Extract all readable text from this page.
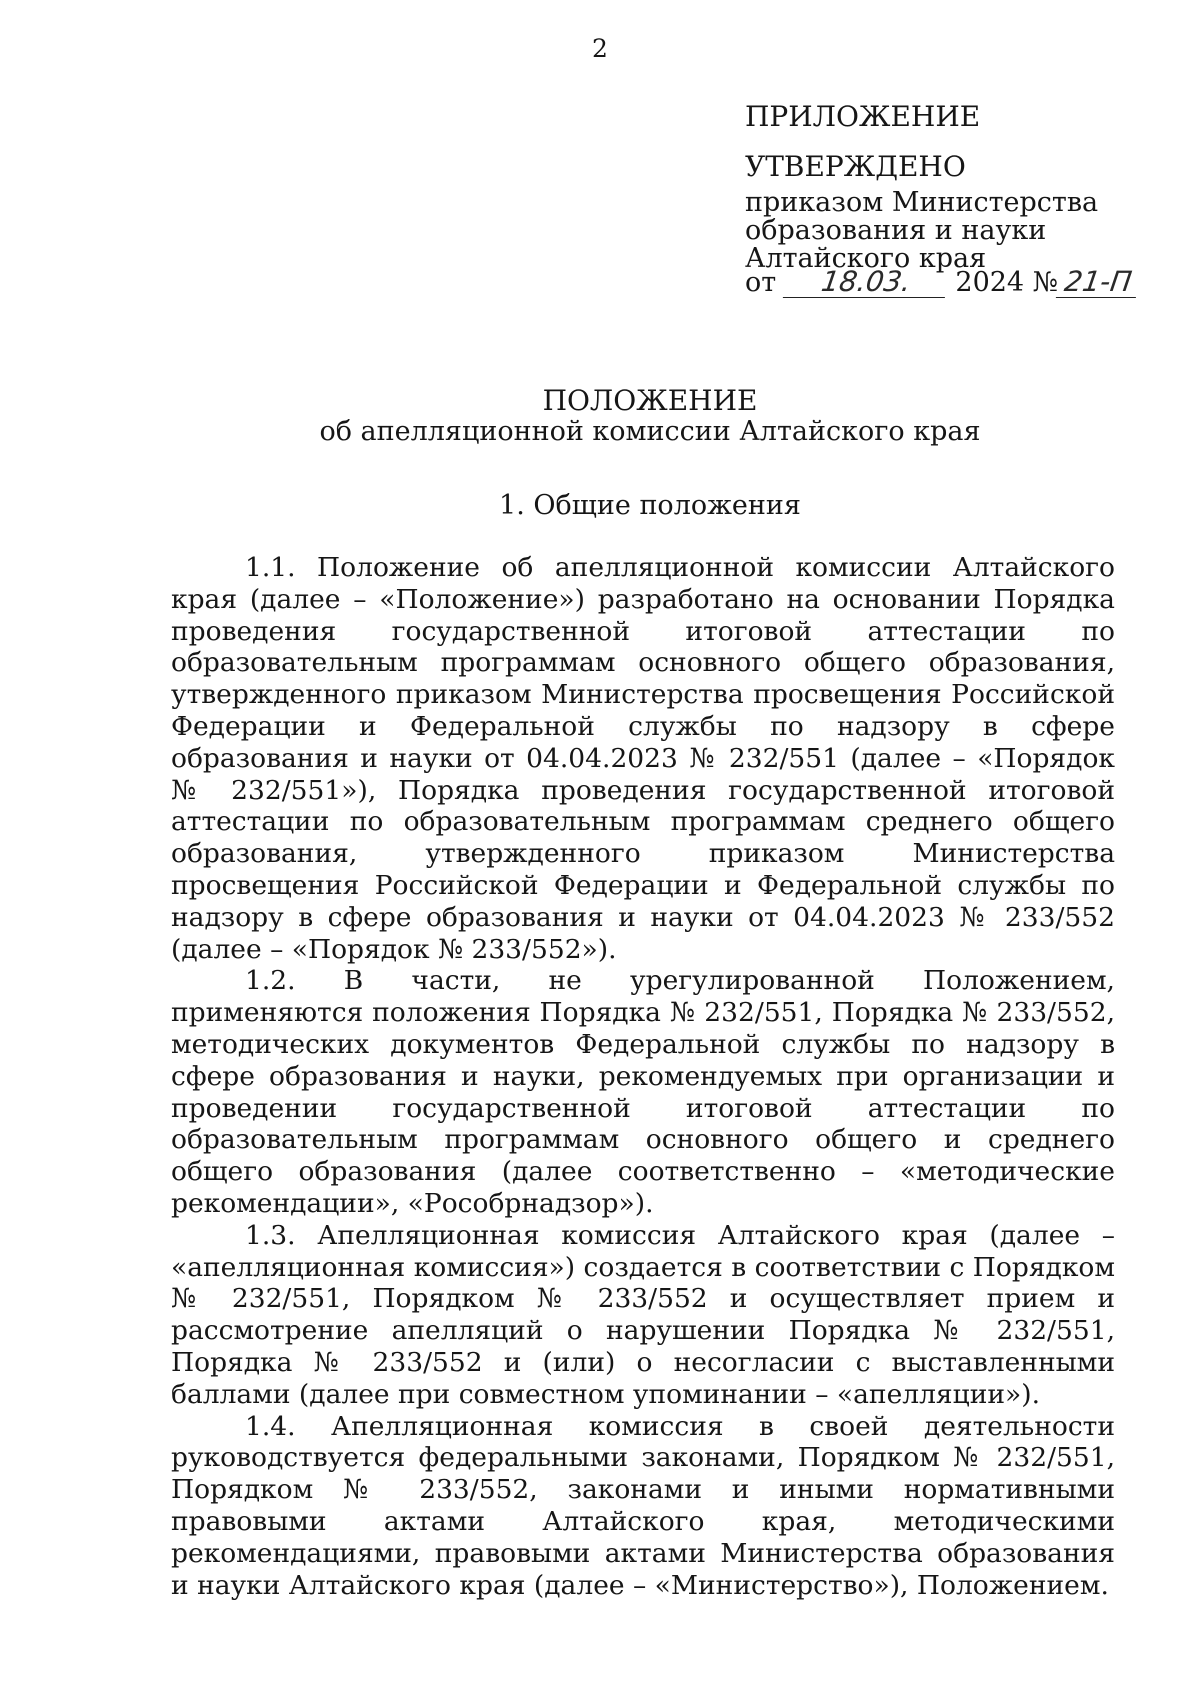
2
ПРИЛОЖЕНИЕ
УТВЕРЖДЕНО
приказом Министерства
образования и науки
Алтайского края
от 18.03. 2024 № 21-П
ПОЛОЖЕНИЕ
об апелляционной комиссии Алтайского края
1. Общие положения

1.1. Положение об апелляционной комиссии Алтайского края (далее – «Положение») разработано на основании Порядка проведения государственной итоговой аттестации по образовательным программам основного общего образования, утвержденного приказом Министерства просвещения Российской Федерации и Федеральной службы по надзору в сфере образования и науки от 04.04.2023 № 232/551 (далее – «Порядок № 232/551»), Порядка проведения государственной итоговой аттестации по образовательным программам среднего общего образования, утвержденного приказом Министерства просвещения Российской Федерации и Федеральной службы по надзору в сфере образования и науки от 04.04.2023 № 233/552 (далее – «Порядок № 233/552»).

1.2. В части, не урегулированной Положением, применяются положения Порядка № 232/551, Порядка № 233/552, методических документов Федеральной службы по надзору в сфере образования и науки, рекомендуемых при организации и проведении государственной итоговой аттестации по образовательным программам основного общего и среднего общего образования (далее соответственно – «методические рекомендации», «Рособрнадзор»).

1.3. Апелляционная комиссия Алтайского края (далее – «апелляционная комиссия») создается в соответствии с Порядком № 232/551, Порядком № 233/552 и осуществляет прием и рассмотрение апелляций о нарушении Порядка № 232/551, Порядка № 233/552 и (или) о несогласии с выставленными баллами (далее при совместном упоминании – «апелляции»).

1.4. Апелляционная комиссия в своей деятельности руководствуется федеральными законами, Порядком № 232/551, Порядком № 233/552, законами и иными нормативными правовыми актами Алтайского края, методическими рекомендациями, правовыми актами Министерства образования и науки Алтайского края (далее – «Министерство»), Положением.
